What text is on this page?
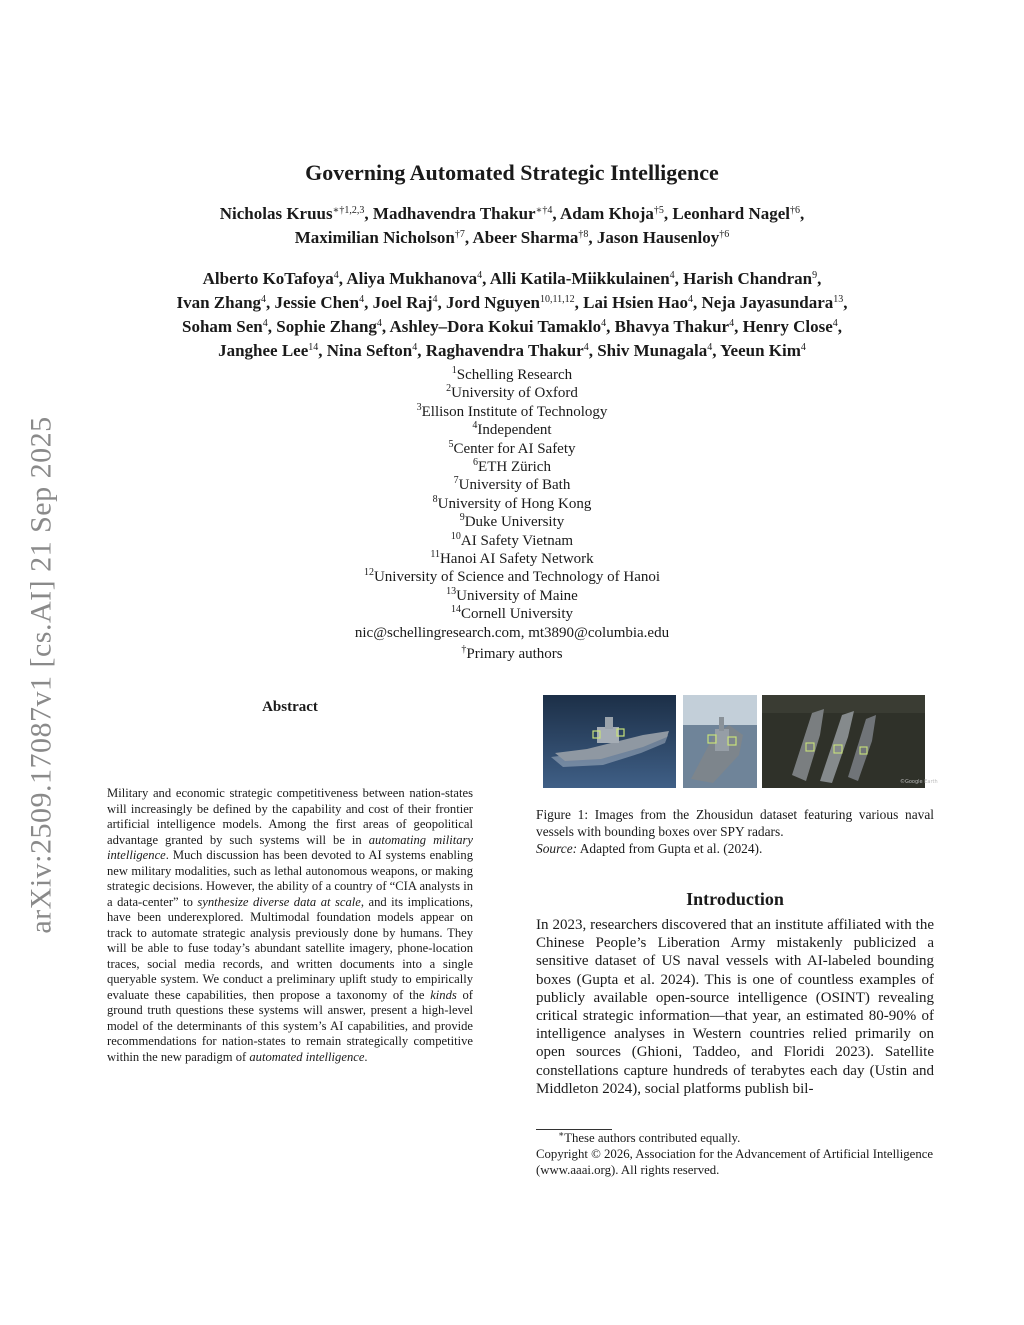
arXiv:2509.17087v1 [cs.AI] 21 Sep 2025
Governing Automated Strategic Intelligence
Nicholas Kruus$^{∗\dagger 1,2,3}$, Madhavendra Thakur$^{∗\dagger 4}$, Adam Khoja$^{\dagger 5}$, Leonhard Nagel$^{\dagger 6}$,
Maximilian Nicholson$^{\dagger 7}$, Abeer Sharma$^{\dagger 8}$, Jason Hausenloy$^{\dagger 6}$
Alberto KoTafoya$^4$, Aliya Mukhanova$^4$, Alli Katila-Miikkulainen$^4$, Harish Chandran$^9$,
Ivan Zhang$^4$, Jessie Chen$^4$, Joel Raj$^4$, Jord Nguyen$^{10,11,12}$, Lai Hsien Hao$^4$, Neja Jayasundara$^{13}$,
Soham Sen$^4$, Sophie Zhang$^4$, Ashley–Dora Kokui Tamaklo$^4$, Bhavya Thakur$^4$, Henry Close$^4$,
Janghee Lee$^{14}$, Nina Sefton$^4$, Raghavendra Thakur$^4$, Shiv Munagala$^4$, Yeeun Kim$^4$
$^1$Schelling Research
$^2$University of Oxford
$^3$Ellison Institute of Technology
$^4$Independent
$^5$Center for AI Safety
$^6$ETH Zürich
$^7$University of Bath
$^8$University of Hong Kong
$^9$Duke University
$^{10}$AI Safety Vietnam
$^{11}$Hanoi AI Safety Network
$^{12}$University of Science and Technology of Hanoi
$^{13}$University of Maine
$^{14}$Cornell University
nic@schellingresearch.com, mt3890@columbia.edu
†Primary authors
Abstract
Military and economic strategic competitiveness between nation-states will increasingly be defined by the capability and cost of their frontier artificial intelligence models. Among the first areas of geopolitical advantage granted by such systems will be in automating military intelligence. Much discussion has been devoted to AI systems enabling new military modalities, such as lethal autonomous weapons, or making strategic decisions. However, the ability of a country of “CIA analysts in a data-center” to synthesize diverse data at scale, and its implications, have been underexplored. Multimodal foundation models appear on track to automate strategic analysis previously done by humans. They will be able to fuse today’s abundant satellite imagery, phone-location traces, social media records, and written documents into a single queryable system. We conduct a preliminary uplift study to empirically evaluate these capabilities, then propose a taxonomy of the kinds of ground truth questions these systems will answer, present a high-level model of the determinants of this system’s AI capabilities, and provide recommendations for nation-states to remain strategically competitive within the new paradigm of automated intelligence.
©Google Earth
Figure 1: Images from the Zhousidun dataset featuring various naval vessels with bounding boxes over SPY radars.
Source: Adapted from Gupta et al. (2024).
Introduction
In 2023, researchers discovered that an institute affiliated with the Chinese People’s Liberation Army mistakenly publicized a sensitive dataset of US naval vessels with AI-labeled bounding boxes (Gupta et al. 2024). This is one of countless examples of publicly available open-source intelligence (OSINT) revealing critical strategic information—that year, an estimated 80-90% of intelligence analyses in Western countries relied primarily on open sources (Ghioni, Taddeo, and Floridi 2023). Satellite constellations capture hundreds of terabytes each day (Ustin and Middleton 2024), social platforms publish bil-
∗These authors contributed equally.
Copyright © 2026, Association for the Advancement of Artificial Intelligence (www.aaai.org). All rights reserved.
